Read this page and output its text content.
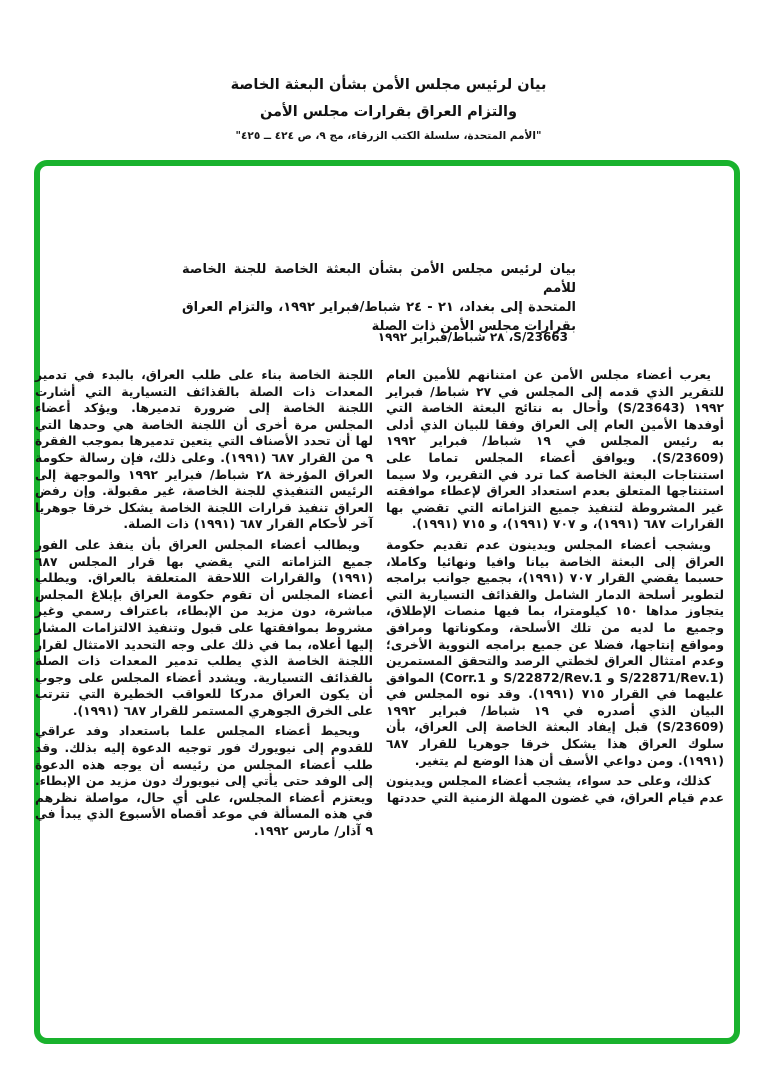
بيان لرئيس مجلس الأمن بشأن البعثة الخاصة

والتزام العراق بقرارات مجلس الأمن

"الأمم المتحدة، سلسلة الكتب الزرقاء، مج ٩، ص ٤٢٤ ــ ٤٢٥"

بيان لرئيس مجلس الأمن بشأن البعثة الخاصة للجنة الخاصة للأمم
المتحدة إلى بغداد، ٢١ - ٢٤ شباط/فبراير ١٩٩٢، والتزام العراق
بقرارات مجلس الأمن ذات الصلة
S/23663، ٢٨ شباط/فبراير ١٩٩٢

يعرب أعضاء مجلس الأمن عن امتنانهم للأمين العام للتقرير الذي قدمه إلى المجلس في ٢٧ شباط/ فبراير ١٩٩٢ (S/23643) وأحال به نتائج البعثة الخاصة التي أوفدها الأمين العام إلى العراق وفقا للبيان الذي أدلى به رئيس المجلس في ١٩ شباط/ فبراير ١٩٩٢ (S/23609). ويوافق أعضاء المجلس تماما على استنتاجات البعثة الخاصة كما ترد في التقرير، ولا سيما استنتاجها المتعلق بعدم استعداد العراق لإعطاء موافقته غير المشروطة لتنفيذ جميع التزاماته التي تقضي بها القرارات ٦٨٧ (١٩٩١)، و ٧٠٧ (١٩٩١)، و ٧١٥ (١٩٩١).

ويشجب أعضاء المجلس ويدينون عدم تقديم حكومة العراق إلى البعثة الخاصة بيانا وافيا ونهائيا وكاملا، حسبما يقضي القرار ٧٠٧ (١٩٩١)، بجميع جوانب برامجه لتطوير أسلحة الدمار الشامل والقذائف التسيارية التي يتجاوز مداها ١٥٠ كيلومترا، بما فيها منصات الإطلاق، وجميع ما لديه من تلك الأسلحة، ومكوناتها ومرافق ومواقع إنتاجها، فضلا عن جميع برامجه النووية الأخرى؛ وعدم امتثال العراق لخطتي الرصد والتحقق المستمرين (S/22871/Rev.1 و S/22872/Rev.1 و Corr.1) الموافق عليهما في القرار ٧١٥ (١٩٩١). وقد نوه المجلس في البيان الذي أصدره في ١٩ شباط/ فبراير ١٩٩٢ (S/23609) قبل إيفاد البعثة الخاصة إلى العراق، بأن سلوك العراق هذا يشكل خرقا جوهريا للقرار ٦٨٧ (١٩٩١). ومن دواعي الأسف أن هذا الوضع لم يتغير.

كذلك، وعلى حد سواء، يشجب أعضاء المجلس ويدينون عدم قيام العراق، في غضون المهلة الزمنية التي حددتها

اللجنة الخاصة بناء على طلب العراق، بالبدء في تدمير المعدات ذات الصلة بالقذائف التسيارية التي أشارت اللجنة الخاصة إلى ضرورة تدميرها. ويؤكد أعضاء المجلس مرة أخرى أن اللجنة الخاصة هي وحدها التي لها أن تحدد الأصناف التي يتعين تدميرها بموجب الفقرة ٩ من القرار ٦٨٧ (١٩٩١). وعلى ذلك، فإن رسالة حكومة العراق المؤرخة ٢٨ شباط/ فبراير ١٩٩٢ والموجهة إلى الرئيس التنفيذي للجنة الخاصة، غير مقبولة. وإن رفض العراق تنفيذ قرارات اللجنة الخاصة يشكل خرقا جوهريا آخر لأحكام القرار ٦٨٧ (١٩٩١) ذات الصلة.

ويطالب أعضاء المجلس العراق بأن ينفذ على الفور جميع التزاماته التي يقضي بها قرار المجلس ٦٨٧ (١٩٩١) والقرارات اللاحقة المتعلقة بالعراق. ويطلب أعضاء المجلس أن تقوم حكومة العراق بإبلاغ المجلس مباشرة، دون مزيد من الإبطاء، باعتراف رسمي وغير مشروط بموافقتها على قبول وتنفيذ الالتزامات المشار إليها أعلاه، بما في ذلك على وجه التحديد الامتثال لقرار اللجنة الخاصة الذي يطلب تدمير المعدات ذات الصلة بالقذائف التسيارية. ويشدد أعضاء المجلس على وجوب أن يكون العراق مدركا للعواقب الخطيرة التي تترتب على الخرق الجوهري المستمر للقرار ٦٨٧ (١٩٩١).

ويحيط أعضاء المجلس علما باستعداد وفد عراقي للقدوم إلى نيويورك فور توجيه الدعوة إليه بذلك. وقد طلب أعضاء المجلس من رئيسه أن يوجه هذه الدعوة إلى الوفد حتى يأتي إلى نيويورك دون مزيد من الإبطاء. ويعتزم أعضاء المجلس، على أي حال، مواصلة نظرهم في هذه المسألة في موعد أقصاه الأسبوع الذي يبدأ في ٩ آذار/ مارس ١٩٩٢.
